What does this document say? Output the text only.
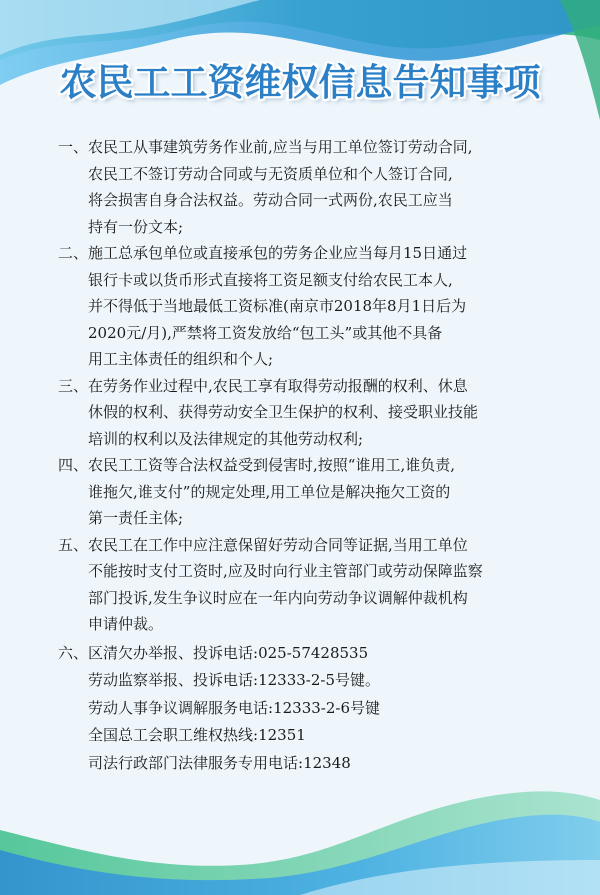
农民工工资维权信息告知事项
一、 农民工从事建筑劳务作业前,应当与用工单位签订劳动合同,
农民工不签订劳动合同或与无资质单位和个人签订合同,
将会损害自身合法权益。劳动合同一式两份,农民工应当
持有一份文本;
二、 施工总承包单位或直接承包的劳务企业应当每月15日通过
银行卡或以货币形式直接将工资足额支付给农民工本人,
并不得低于当地最低工资标准(南京市2018年8月1日后为
2020元/月),严禁将工资发放给“包工头”或其他不具备
用工主体责任的组织和个人;
三、 在劳务作业过程中,农民工享有取得劳动报酬的权利、休息
休假的权利、获得劳动安全卫生保护的权利、接受职业技能
培训的权利以及法律规定的其他劳动权利;
四、 农民工工资等合法权益受到侵害时,按照“谁用工,谁负责,
谁拖欠,谁支付”的规定处理,用工单位是解决拖欠工资的
第一责任主体;
五、 农民工在工作中应注意保留好劳动合同等证据,当用工单位
不能按时支付工资时,应及时向行业主管部门或劳动保障监察
部门投诉,发生争议时应在一年内向劳动争议调解仲裁机构
申请仲裁。
六、 区清欠办举报、投诉电话:025-57428535
劳动监察举报、投诉电话:12333-2-5号键。
劳动人事争议调解服务电话:12333-2-6号键
全国总工会职工维权热线:12351
司法行政部门法律服务专用电话:12348
